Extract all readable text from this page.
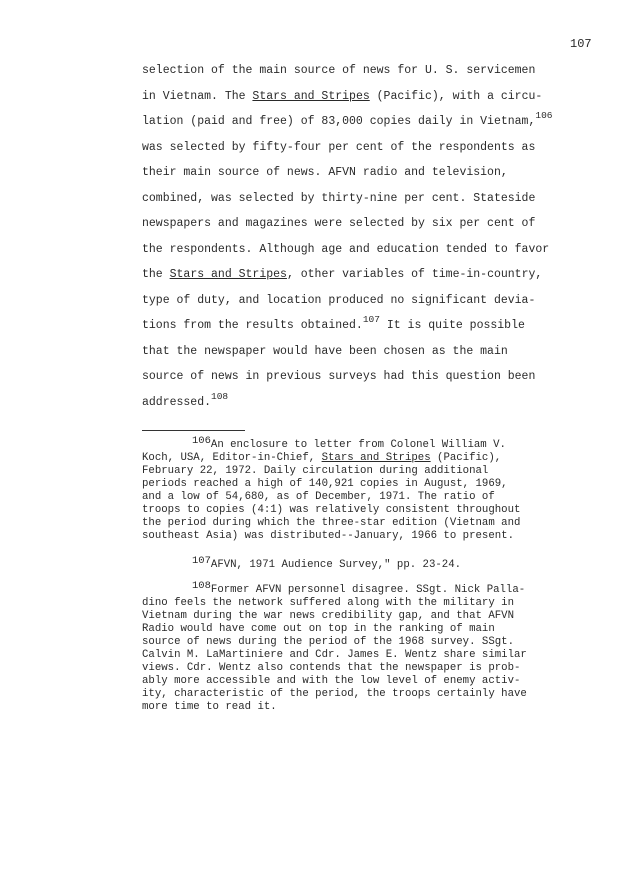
107
selection of the main source of news for U. S. servicemen
in Vietnam. The Stars and Stripes (Pacific), with a circu-
lation (paid and free) of 83,000 copies daily in Vietnam,$^{106}$
was selected by fifty-four per cent of the respondents as
their main source of news. AFVN radio and television,
combined, was selected by thirty-nine per cent. Stateside
newspapers and magazines were selected by six per cent of
the respondents. Although age and education tended to favor
the Stars and Stripes, other variables of time-in-country,
type of duty, and location produced no significant devia-
tions from the results obtained.$^{107}$ It is quite possible
that the newspaper would have been chosen as the main
source of news in previous surveys had this question been
addressed.$^{108}$
106An enclosure to letter from Colonel William V.
Koch, USA, Editor-in-Chief, Stars and Stripes (Pacific),
February 22, 1972. Daily circulation during additional
periods reached a high of 140,921 copies in August, 1969,
and a low of 54,680, as of December, 1971. The ratio of
troops to copies (4:1) was relatively consistent throughout
the period during which the three-star edition (Vietnam and
southeast Asia) was distributed--January, 1966 to present.
107AFVN, 1971 Audience Survey," pp. 23-24.
108Former AFVN personnel disagree. SSgt. Nick Palla-
dino feels the network suffered along with the military in
Vietnam during the war news credibility gap, and that AFVN
Radio would have come out on top in the ranking of main
source of news during the period of the 1968 survey. SSgt.
Calvin M. LaMartiniere and Cdr. James E. Wentz share similar
views. Cdr. Wentz also contends that the newspaper is prob-
ably more accessible and with the low level of enemy activ-
ity, characteristic of the period, the troops certainly have
more time to read it.
